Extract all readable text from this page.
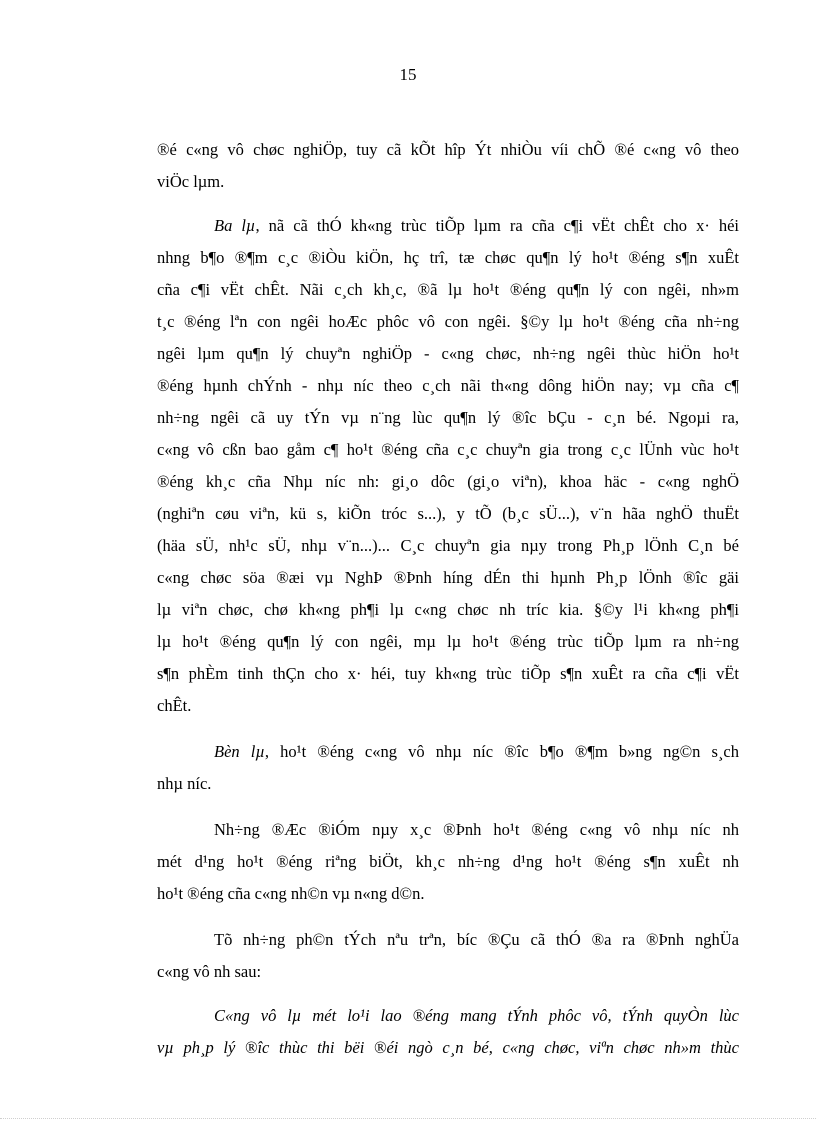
15
®é c«ng vô chøc nghiÖp, tuy cã kÕt hîp Ýt nhiÒu víi chÕ ®é c«ng vô theo
viÖc lµm.
Ba lµ, nã cã thÓ kh«ng trùc tiÕp lµm ra cña c¶i vËt chÊt cho x· héi
nhng b¶o ®¶m c¸c ®iÒu kiÖn, hç trî, tæ chøc qu¶n lý ho¹t ®éng s¶n xuÊt
cña c¶i vËt chÊt. Nãi c¸ch kh¸c, ®ã lµ ho¹t ®éng qu¶n lý con ngêi, nh»m
t¸c ®éng lªn con ngêi hoÆc phôc vô con ngêi. §©y lµ ho¹t ®éng cña nh÷ng
ngêi lµm qu¶n lý chuyªn nghiÖp - c«ng chøc, nh÷ng ngêi thùc hiÖn ho¹t
®éng hµnh chÝnh - nhµ níc theo c¸ch nãi th«ng dông hiÖn nay; vµ cña c¶
nh÷ng ngêi cã uy tÝn vµ n¨ng lùc qu¶n lý ®îc bÇu - c¸n bé. Ngoµi ra,
c«ng vô cßn bao gåm c¶ ho¹t ®éng cña c¸c chuyªn gia trong c¸c lÜnh vùc ho¹t
®éng kh¸c cña Nhµ níc nh: gi¸o dôc (gi¸o viªn), khoa häc - c«ng nghÖ
(nghiªn cøu viªn, kü s, kiÕn tróc s...), y tÕ (b¸c sÜ...), v¨n hãa nghÖ thuËt
(häa sÜ, nh¹c sÜ, nhµ v¨n...)... C¸c chuyªn gia nµy trong Ph¸p lÖnh C¸n bé
c«ng chøc söa ®æi vµ NghÞ ®Þnh híng dÉn thi hµnh Ph¸p lÖnh ®îc gäi
lµ viªn chøc, chø kh«ng ph¶i lµ c«ng chøc nh tríc kia. §©y l¹i kh«ng ph¶i
lµ ho¹t ®éng qu¶n lý con ngêi, mµ lµ ho¹t ®éng trùc tiÕp lµm ra nh÷ng
s¶n phÈm tinh thÇn cho x· héi, tuy kh«ng trùc tiÕp s¶n xuÊt ra cña c¶i vËt
chÊt.
Bèn lµ, ho¹t ®éng c«ng vô nhµ níc ®îc b¶o ®¶m b»ng ng©n s¸ch
nhµ níc.
Nh÷ng ®Æc ®iÓm nµy x¸c ®Þnh ho¹t ®éng c«ng vô nhµ níc nh
mét d¹ng ho¹t ®éng riªng biÖt, kh¸c nh÷ng d¹ng ho¹t ®éng s¶n xuÊt nh
ho¹t ®éng cña c«ng nh©n vµ n«ng d©n.
Tõ nh÷ng ph©n tÝch nªu trªn, bíc ®Çu cã thÓ ®a ra ®Þnh nghÜa
c«ng vô nh sau:
C«ng vô lµ mét lo¹i lao ®éng mang tÝnh phôc vô, tÝnh quyÒn lùc
vµ ph¸p lý ®îc thùc thi bëi ®éi ngò c¸n bé, c«ng chøc, viªn chøc nh»m thùc
